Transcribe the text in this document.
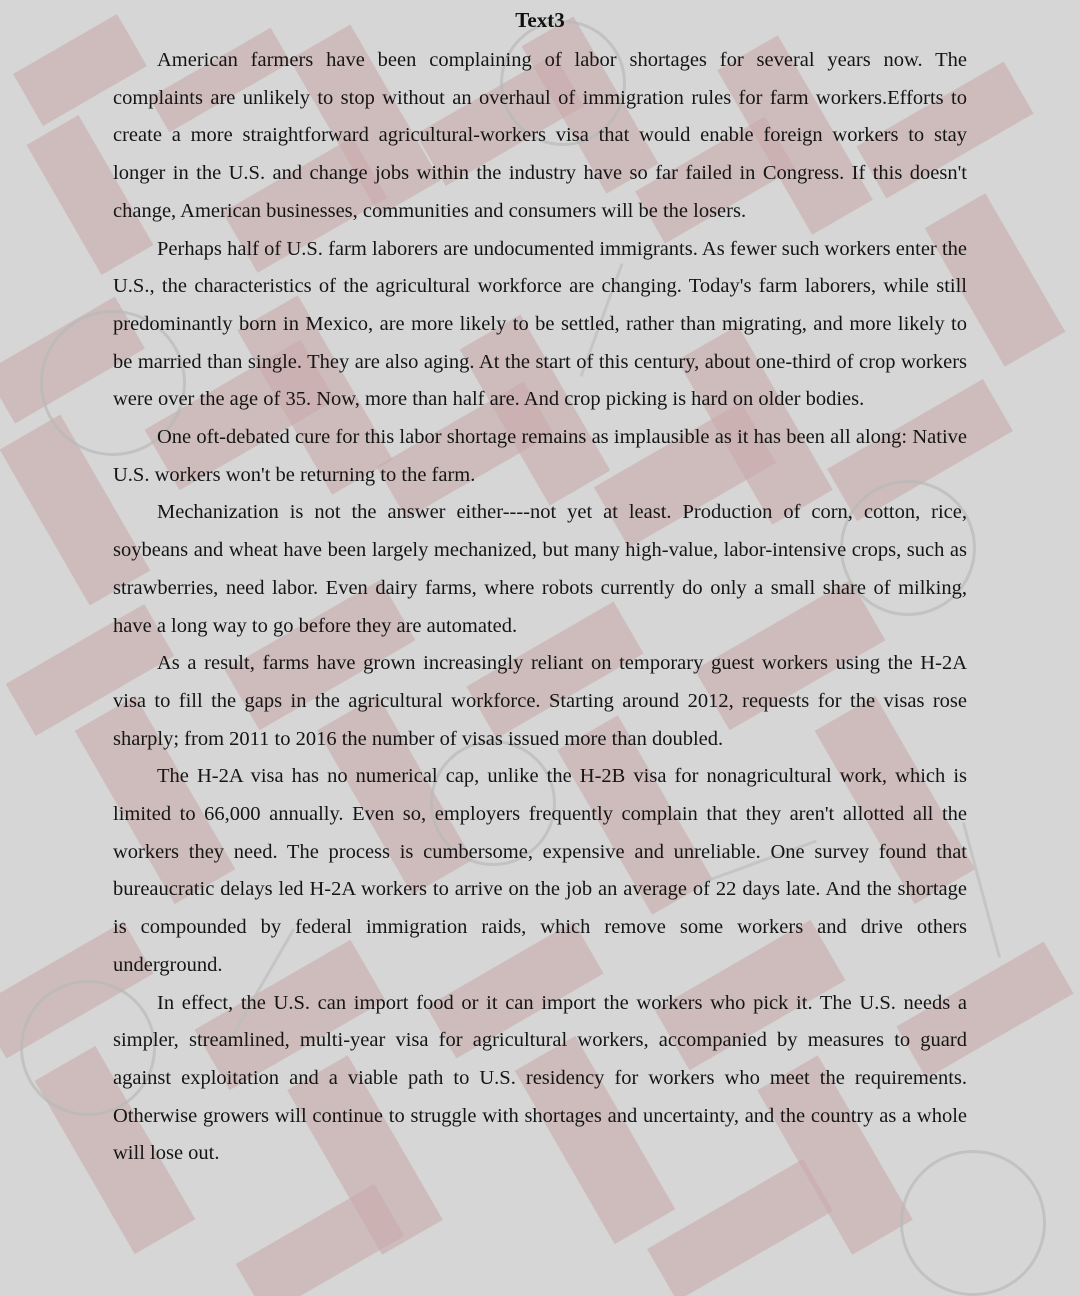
Text3

American farmers have been complaining of labor shortages for several years now. The complaints are unlikely to stop without an overhaul of immigration rules for farm workers.Efforts to create a more straightforward agricultural-workers visa that would enable foreign workers to stay longer in the U.S. and change jobs within the industry have so far failed in Congress. If this doesn't change, American businesses, communities and consumers will be the losers.

Perhaps half of U.S. farm laborers are undocumented immigrants. As fewer such workers enter the U.S., the characteristics of the agricultural workforce are changing. Today's farm laborers, while still predominantly born in Mexico, are more likely to be settled, rather than migrating, and more likely to be married than single. They are also aging. At the start of this century, about one-third of crop workers were over the age of 35. Now, more than half are. And crop picking is hard on older bodies.

One oft-debated cure for this labor shortage remains as implausible as it has been all along: Native U.S. workers won't be returning to the farm.

Mechanization is not the answer either----not yet at least. Production of corn, cotton, rice, soybeans and wheat have been largely mechanized, but many high-value, labor-intensive crops, such as strawberries, need labor. Even dairy farms, where robots currently do only a small share of milking, have a long way to go before they are automated.

As a result, farms have grown increasingly reliant on temporary guest workers using the H-2A visa to fill the gaps in the agricultural workforce. Starting around 2012, requests for the visas rose sharply; from 2011 to 2016 the number of visas issued more than doubled.

The H-2A visa has no numerical cap, unlike the H-2B visa for nonagricultural work, which is limited to 66,000 annually. Even so, employers frequently complain that they aren't allotted all the workers they need. The process is cumbersome, expensive and unreliable. One survey found that bureaucratic delays led H-2A workers to arrive on the job an average of 22 days late. And the shortage is compounded by federal immigration raids, which remove some workers and drive others underground.

In effect, the U.S. can import food or it can import the workers who pick it. The U.S. needs a simpler, streamlined, multi-year visa for agricultural workers, accompanied by measures to guard against exploitation and a viable path to U.S. residency for workers who meet the requirements. Otherwise growers will continue to struggle with shortages and uncertainty, and the country as a whole will lose out.
